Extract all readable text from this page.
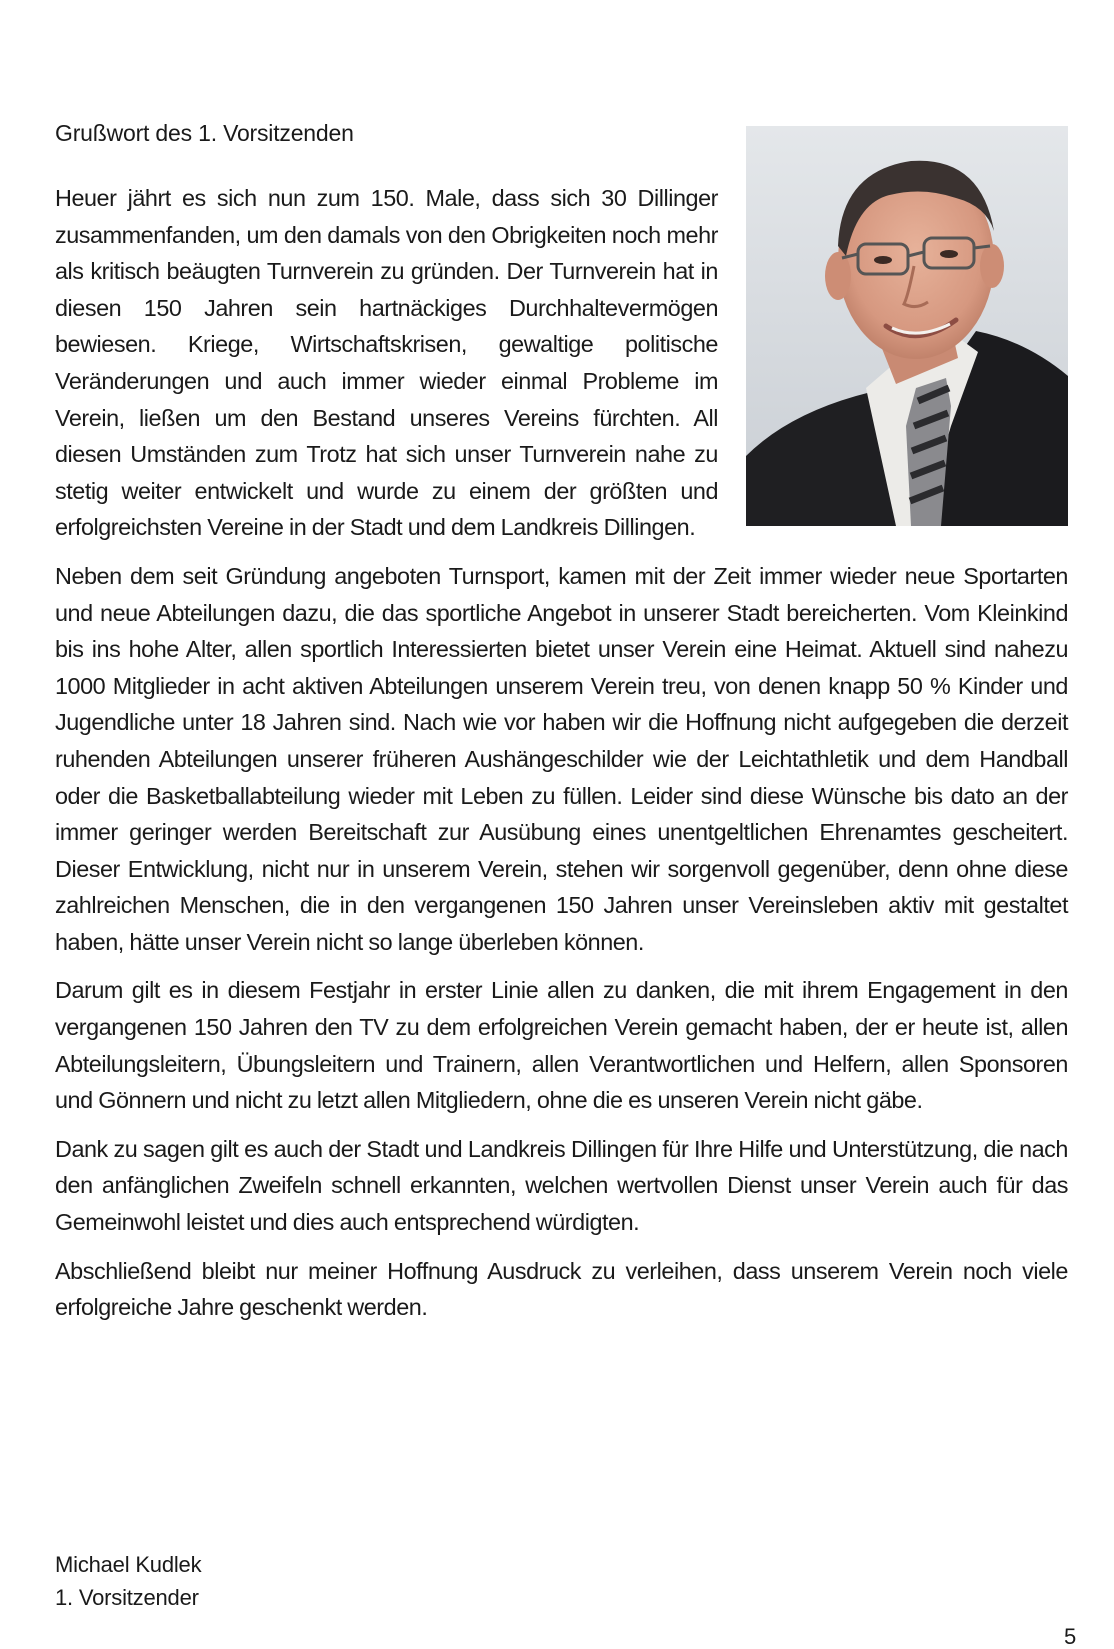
Grußwort des 1. Vorsitzenden

Heuer jährt es sich nun zum 150. Male, dass sich 30 Dillinger zusammenfanden, um den damals von den Obrigkeiten noch mehr als kritisch beäugten Turnverein zu gründen. Der Turnverein hat in diesen 150 Jahren sein hartnäckiges Durchhaltevermögen bewiesen. Kriege, Wirtschaftskrisen, gewaltige politische Veränderungen und auch immer wieder einmal Probleme im Verein, ließen um den Bestand unseres Vereins fürchten. All diesen Umständen zum Trotz hat sich unser Turnverein nahe zu stetig weiter entwickelt und wurde zu einem der größten und erfolgreichsten Vereine in der Stadt und dem Landkreis Dillingen.

Neben dem seit Gründung angeboten Turnsport, kamen mit der Zeit immer wieder neue Sportarten und neue Abteilungen dazu, die das sportliche Angebot in unserer Stadt bereicherten. Vom Kleinkind bis ins hohe Alter, allen sportlich Interessierten bietet unser Verein eine Heimat. Aktuell sind nahezu 1000 Mitglieder in acht aktiven Abteilungen unserem Verein treu, von denen knapp 50 % Kinder und Jugendliche unter 18 Jahren sind. Nach wie vor haben wir die Hoffnung nicht aufgegeben die derzeit ruhenden Abteilungen unserer früheren Aushängeschilder wie der Leichtathletik und dem Handball oder die Basketballabteilung wieder mit Leben zu füllen. Leider sind diese Wünsche bis dato an der immer geringer werden Bereitschaft zur Ausübung eines unentgeltlichen Ehrenamtes gescheitert. Dieser Entwicklung, nicht nur in unserem Verein, stehen wir sorgenvoll gegenüber, denn ohne diese zahlreichen Menschen, die in den vergangenen 150 Jahren unser Vereinsleben aktiv mit gestaltet haben, hätte unser Verein nicht so lange überleben können.

Darum gilt es in diesem Festjahr in erster Linie allen zu danken, die mit ihrem Engagement in den vergangenen 150 Jahren den TV zu dem erfolgreichen Verein gemacht haben, der er heute ist, allen Abteilungsleitern, Übungsleitern und Trainern, allen Verantwortlichen und Helfern, allen Sponsoren und Gönnern und nicht zu letzt allen Mitgliedern, ohne die es unseren Verein nicht gäbe.

Dank zu sagen gilt es auch der Stadt und Landkreis Dillingen für Ihre Hilfe und Unterstützung, die nach den anfänglichen Zweifeln schnell erkannten, welchen wertvollen Dienst unser Verein auch für das Gemeinwohl leistet und dies auch entsprechend würdigten.

Abschließend bleibt nur meiner Hoffnung Ausdruck zu verleihen, dass unserem Verein noch viele erfolgreiche Jahre geschenkt werden.

Michael Kudlek
1. Vorsitzender
5
